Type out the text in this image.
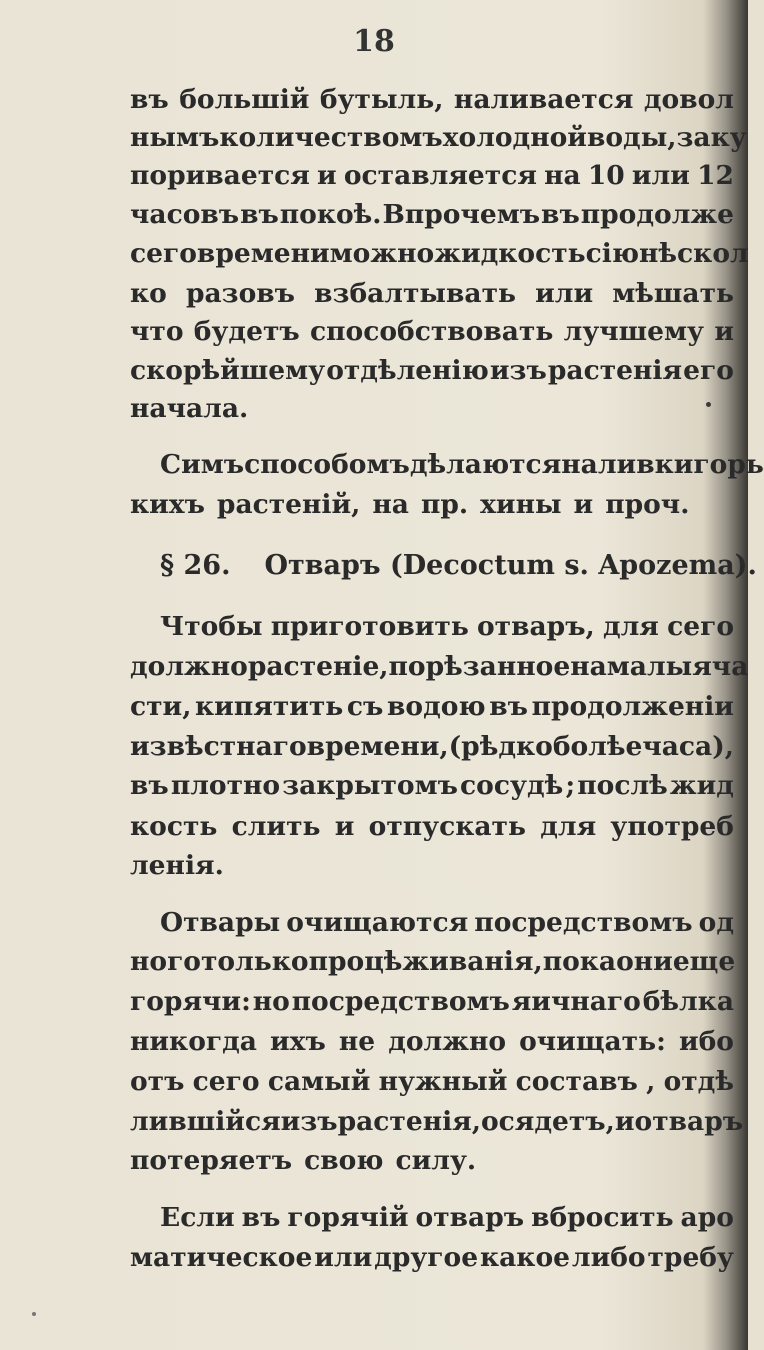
18
въ большій бутыль, наливается довол
нымъ количествомъ холодной воды, заку
поривается и оставляется на 10 или 12
часовъ въ покоѣ. Впрочемъ въ продолже
сего времени можно жидкость сію нѣскол
ко разовъ взбалтывать или мѣшать
что будетъ способствовать лучшему и
скорѣйшему отдѣленію изъ растенія его
начала.
Симъ способомъ дѣлаются наливки горь
кихъ растеній, на пр. хины и проч.
Чтобы приготовить отваръ, для сего
должно растеніе, порѣзанное на малыя ча
сти, кипятить съ водою въ продолженіи
извѣстнаго времени, (рѣдко болѣе часа),
въ плотно закрытомъ сосудѣ ; послѣ жид
кость слить и отпускать для употреб
ленія.
Отвары очищаются посредствомъ од
ного только процѣживанія , пока они еще
горячи: но посредствомъ яичнаго бѣлка
никогда ихъ не должно очищать: ибо
отъ сего самый нужный составъ , отдѣ
лившійся изъ растенія, осядетъ, и отваръ
потеряетъ свою силу.
Если въ горячій отваръ вбросить аро
матическое или другое какое либо требу
§ 26. Отваръ (Decoctum s. Apozema).
